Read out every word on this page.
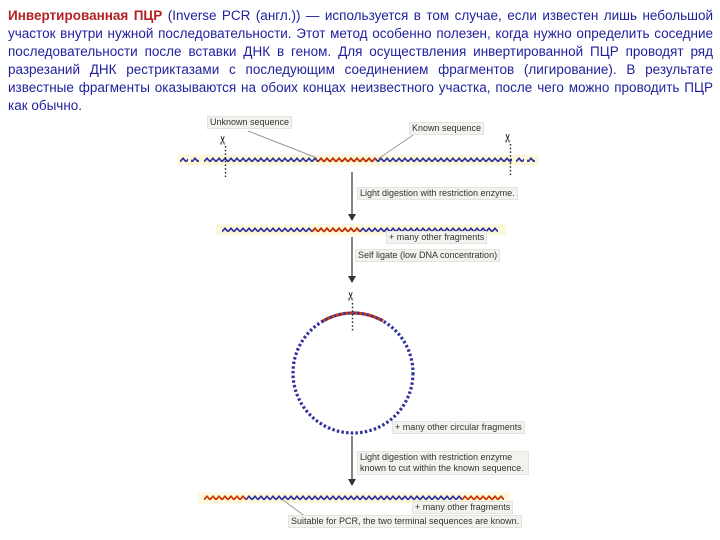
Инвертированная ПЦР (Inverse PCR (англ.)) — используется в том случае, если известен лишь небольшой участок внутри нужной последовательности. Этот метод особенно полезен, когда нужно определить соседние последовательности после вставки ДНК в геном. Для осуществления инвертированной ПЦР проводят ряд разрезаний ДНК рестриктазами с последующим соединением фрагментов (лигирование). В результате известные фрагменты оказываются на обоих концах неизвестного участка, после чего можно проводить ПЦР как обычно.

✂	✂
✂
Unknown sequence
Known sequence
Light digestion with restriction enzyme.
+ many other fragments
Self ligate (low DNA concentration)
+ many other circular fragments
Light digestion with restriction enzyme known to cut within the known sequence.
+ many other fragments
Suitable for PCR, the two terminal sequences are known.
